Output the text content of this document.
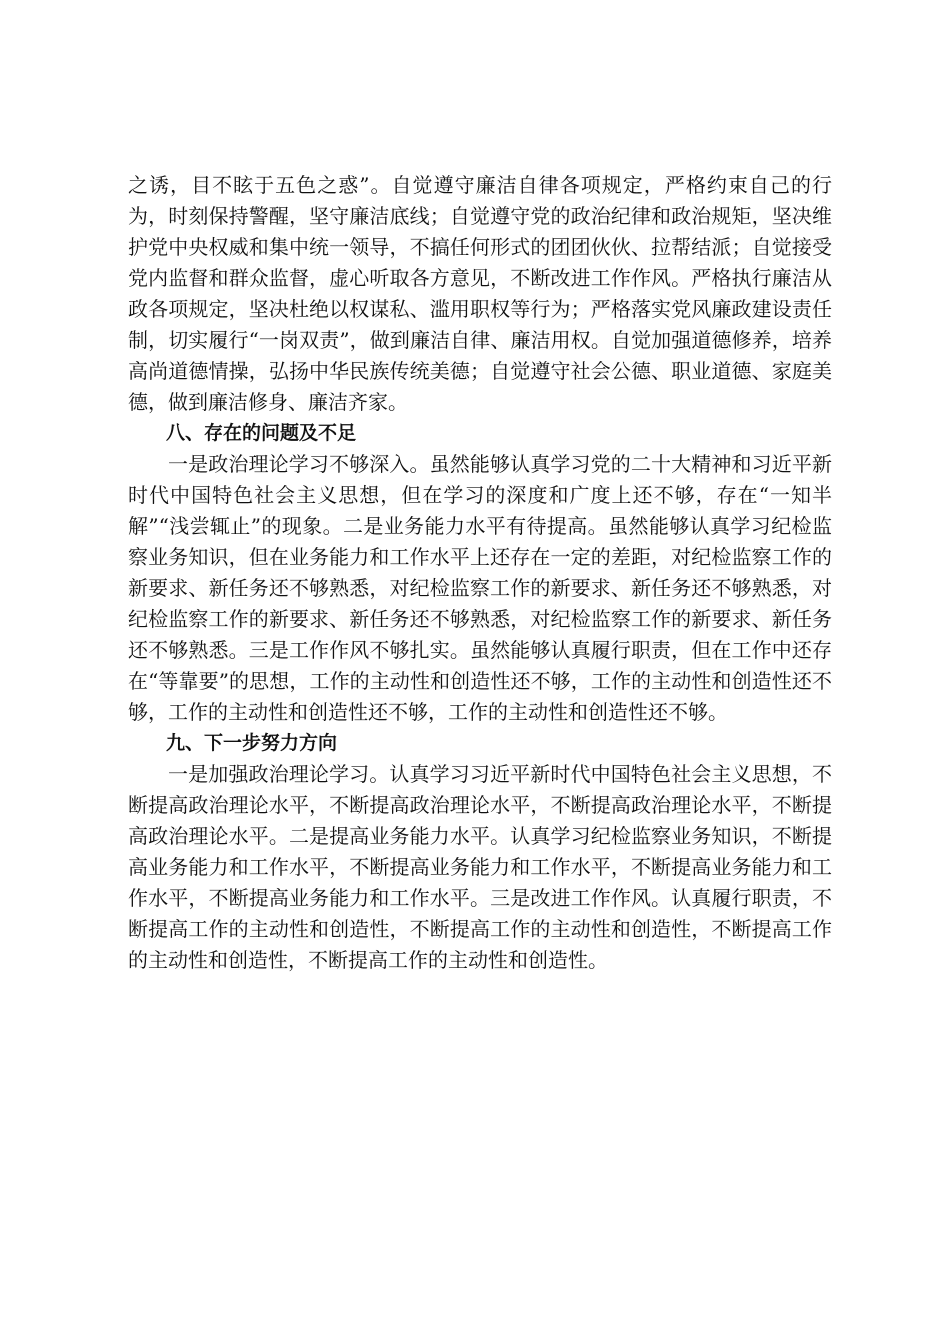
之诱，目不眩于五色之惑”。自觉遵守廉洁自律各项规定，严格约束自己的行为，时刻保持警醒，坚守廉洁底线；自觉遵守党的政治纪律和政治规矩，坚决维护党中央权威和集中统一领导，不搞任何形式的团团伙伙、拉帮结派；自觉接受党内监督和群众监督，虚心听取各方意见，不断改进工作作风。严格执行廉洁从政各项规定，坚决杜绝以权谋私、滥用职权等行为；严格落实党风廉政建设责任制，切实履行“一岗双责”，做到廉洁自律、廉洁用权。自觉加强道德修养，培养高尚道德情操，弘扬中华民族传统美德；自觉遵守社会公德、职业道德、家庭美德，做到廉洁修身、廉洁齐家。

八、存在的问题及不足

一是政治理论学习不够深入。虽然能够认真学习党的二十大精神和习近平新时代中国特色社会主义思想，但在学习的深度和广度上还不够，存在“一知半解”“浅尝辄止”的现象。二是业务能力水平有待提高。虽然能够认真学习纪检监察业务知识，但在业务能力和工作水平上还存在一定的差距，对纪检监察工作的新要求、新任务还不够熟悉，对纪检监察工作的新要求、新任务还不够熟悉，对纪检监察工作的新要求、新任务还不够熟悉，对纪检监察工作的新要求、新任务还不够熟悉。三是工作作风不够扎实。虽然能够认真履行职责，但在工作中还存在“等靠要”的思想，工作的主动性和创造性还不够，工作的主动性和创造性还不够，工作的主动性和创造性还不够，工作的主动性和创造性还不够。

九、下一步努力方向

一是加强政治理论学习。认真学习习近平新时代中国特色社会主义思想，不断提高政治理论水平，不断提高政治理论水平，不断提高政治理论水平，不断提高政治理论水平。二是提高业务能力水平。认真学习纪检监察业务知识，不断提高业务能力和工作水平，不断提高业务能力和工作水平，不断提高业务能力和工作水平，不断提高业务能力和工作水平。三是改进工作作风。认真履行职责，不断提高工作的主动性和创造性，不断提高工作的主动性和创造性，不断提高工作的主动性和创造性，不断提高工作的主动性和创造性。
